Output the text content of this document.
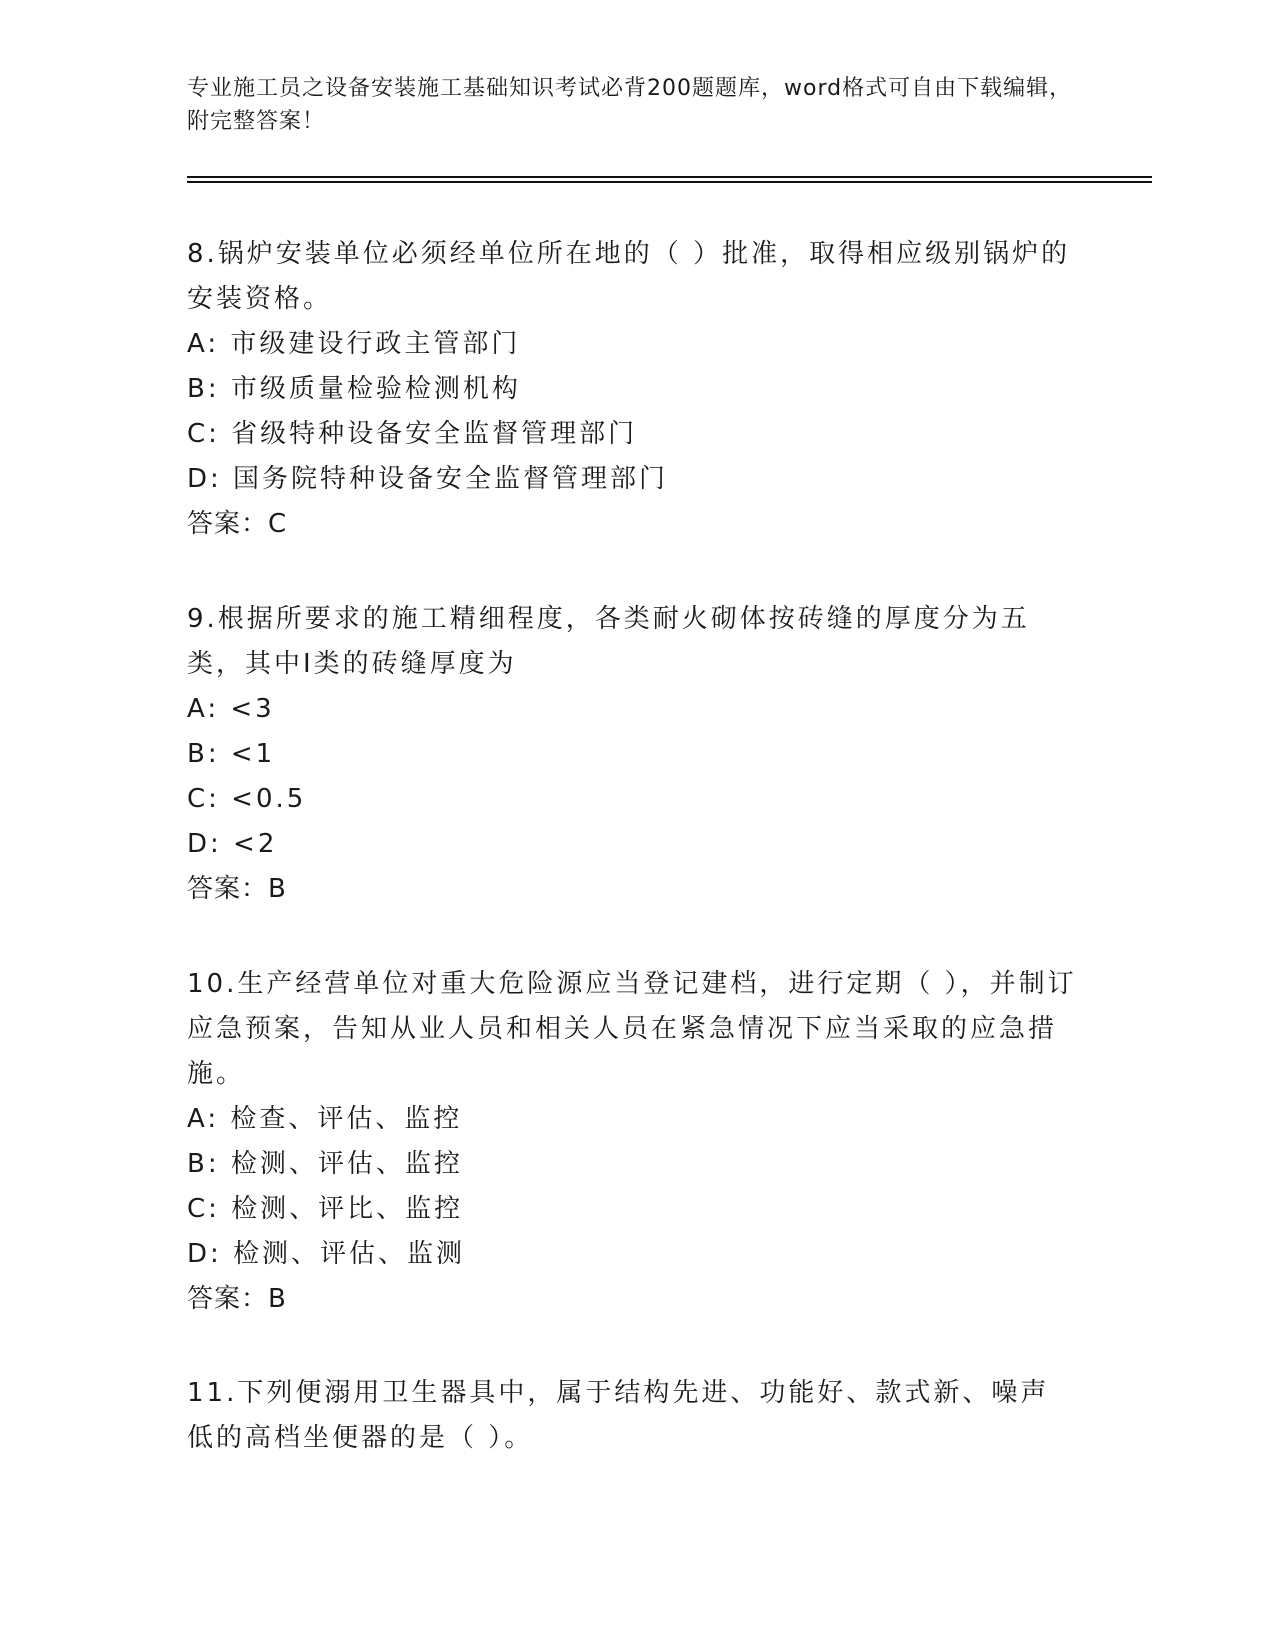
专业施工员之设备安装施工基础知识考试必背200题题库，word格式可自由下载编辑，附完整答案！

8.锅炉安装单位必须经单位所在地的（ ）批准，取得相应级别锅炉的安装资格。

A: 市级建设行政主管部门

B: 市级质量检验检测机构

C: 省级特种设备安全监督管理部门

D: 国务院特种设备安全监督管理部门

答案：C

9.根据所要求的施工精细程度，各类耐火砌体按砖缝的厚度分为五类，其中Ⅰ类的砖缝厚度为

A: <3

B: <1

C: <0.5

D: <2

答案：B

10.生产经营单位对重大危险源应当登记建档，进行定期（ ），并制订应急预案，告知从业人员和相关人员在紧急情况下应当采取的应急措施。

A: 检查、评估、监控

B: 检测、评估、监控

C: 检测、评比、监控

D: 检测、评估、监测

答案：B

11.下列便溺用卫生器具中，属于结构先进、功能好、款式新、噪声低的高档坐便器的是（ ）。
